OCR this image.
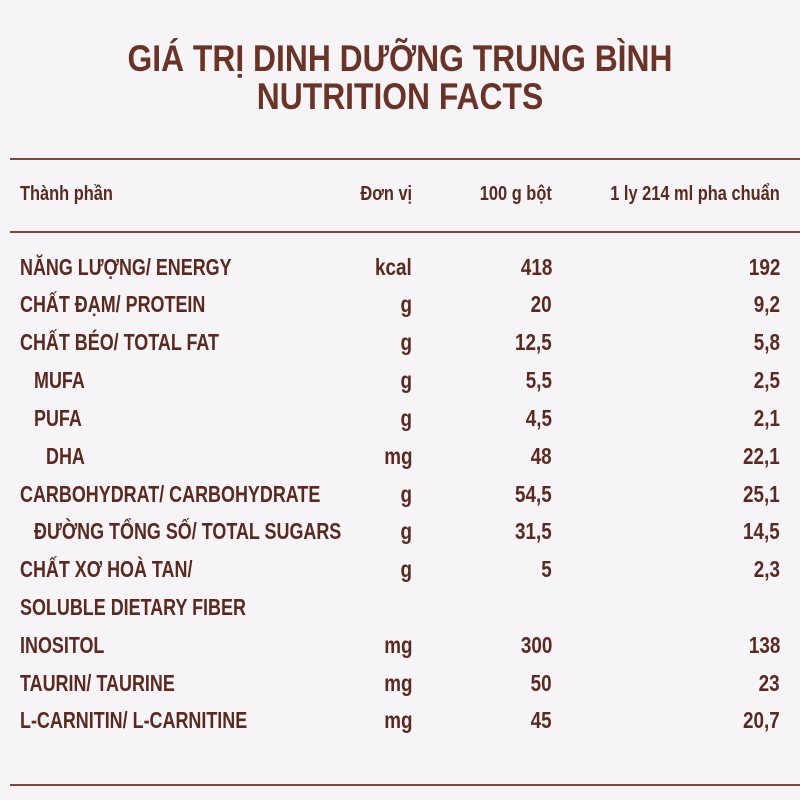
GIÁ TRỊ DINH DƯỠNG TRUNG BÌNH
NUTRITION FACTS
Thành phần	Đơn vị	100 g bột	1 ly 214 ml pha chuẩn
NĂNG LƯỢNG/ ENERGY	kcal	418	192
CHẤT ĐẠM/ PROTEIN	g	20	9,2
CHẤT BÉO/ TOTAL FAT	g	12,5	5,8
MUFA	g	5,5	2,5
PUFA	g	4,5	2,1
DHA	mg	48	22,1
CARBOHYDRAT/ CARBOHYDRATE	g	54,5	25,1
ĐƯỜNG TỔNG SỐ/ TOTAL SUGARS	g	31,5	14,5
CHẤT XƠ HOÀ TAN/	g	5	2,3
SOLUBLE DIETARY FIBER
INOSITOL	mg	300	138
TAURIN/ TAURINE	mg	50	23
L-CARNITIN/ L-CARNITINE	mg	45	20,7
